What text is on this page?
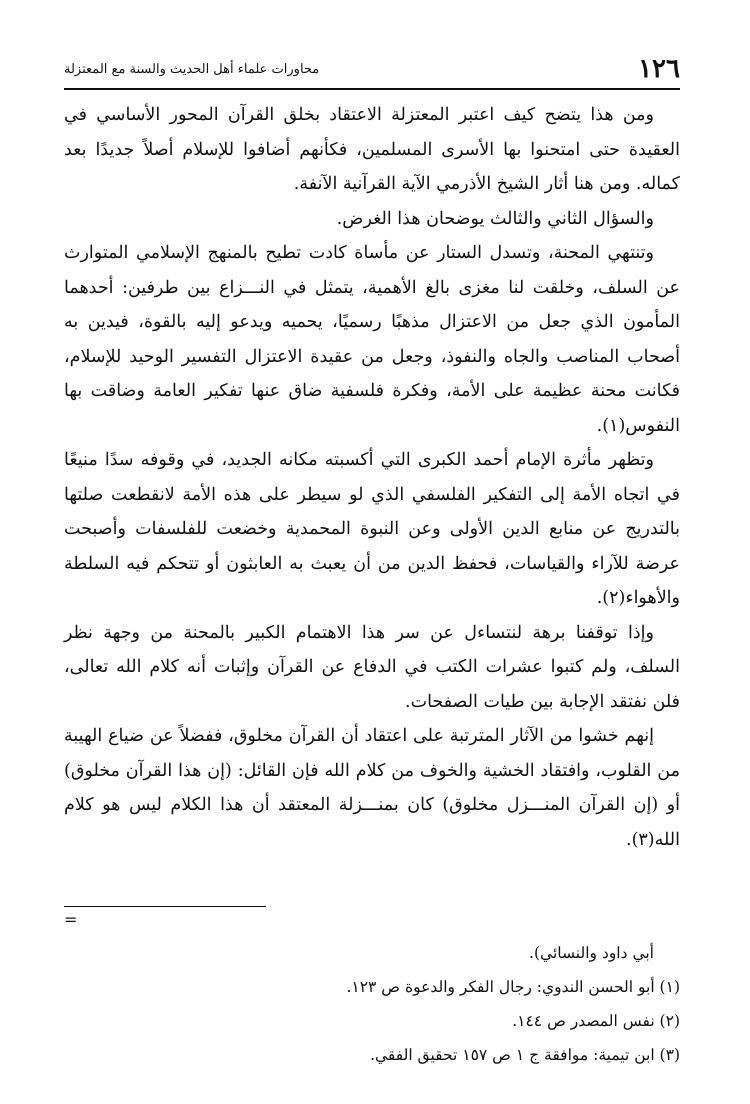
١٢٦
محاورات علماء أهل الحديث والسنة مع المعتزلة

ومن هذا يتضح كيف اعتبر المعتزلة الاعتقاد بخلق القرآن المحور الأساسي في العقيدة حتى امتحنوا بها الأسرى المسلمين، فكأنهم أضافوا للإسلام أصلاً جديدًا بعد كماله. ومن هنا أثار الشيخ الأذرمي الآية القرآنية الآنفة.

والسؤال الثاني والثالث يوضحان هذا الغرض.

وتنتهي المحنة، وتسدل الستار عن مأساة كادت تطيح بالمنهج الإسلامي المتوارث عن السلف، وخلقت لنا مغزى بالغ الأهمية، يتمثل في النـــزاع بين طرفين: أحدهما المأمون الذي جعل من الاعتزال مذهبًا رسميًا، يحميه ويدعو إليه بالقوة، فيدين به أصحاب المناصب والجاه والنفوذ، وجعل من عقيدة الاعتزال التفسير الوحيد للإسلام، فكانت محنة عظيمة على الأمة، وفكرة فلسفية ضاق عنها تفكير العامة وضاقت بها النفوس(١).

وتظهر مأثرة الإمام أحمد الكبرى التي أكسبته مكانه الجديد، في وقوفه سدًا منيعًا في اتجاه الأمة إلى التفكير الفلسفي الذي لو سيطر على هذه الأمة لانقطعت صلتها بالتدريج عن منابع الدين الأولى وعن النبوة المحمدية وخضعت للفلسفات وأصبحت عرضة للآراء والقياسات، فحفظ الدين من أن يعبث به العابثون أو تتحكم فيه السلطة والأهواء(٢).

وإذا توقفنا برهة لنتساءل عن سر هذا الاهتمام الكبير بالمحنة من وجهة نظر السلف، ولم كتبوا عشرات الكتب في الدفاع عن القرآن وإثبات أنه كلام الله تعالى، فلن نفتقد الإجابة بين طيات الصفحات.

إنهم خشوا من الآثار المترتبة على اعتقاد أن القرآن مخلوق، ففضلاً عن ضياع الهيبة من القلوب، وافتقاد الخشية والخوف من كلام الله فإن القائل: (إن هذا القرآن مخلوق) أو (إن القرآن المنـــزل مخلوق) كان بمنـــزلة المعتقد أن هذا الكلام ليس هو كلام الله(٣).

=
أبي داود والنسائي).
(١) أبو الحسن الندوي: رجال الفكر والدعوة ص ١٢٣.
(٢) نفس المصدر ص ١٤٤.
(٣) ابن تيمية: موافقة ج ١ ص ١٥٧ تحقيق الفقي.
